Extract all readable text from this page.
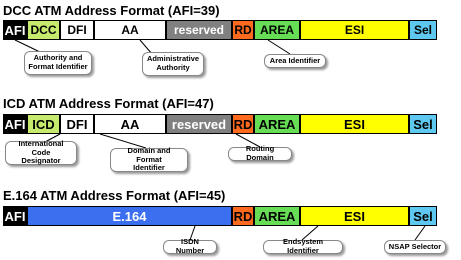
DCC ATM Address Format (AFI=39)
AFI DCC DFI	AA	reserved RD AREA	ESI	Sel
Authority and
Format Identifier
Administrative
Authority
Area Identifier
ICD ATM Address Format (AFI=47)
AFI ICD DFI	AA	reserved RD AREA	ESI	Sel
International Code
Designator
Domain and Format
Identifier
Routing Domain
E.164 ATM Address Format (AFI=45)
AFI	E.164	RD AREA	ESI	Sel
ISDN Number
Endsystem Identifier	NSAP Selector
